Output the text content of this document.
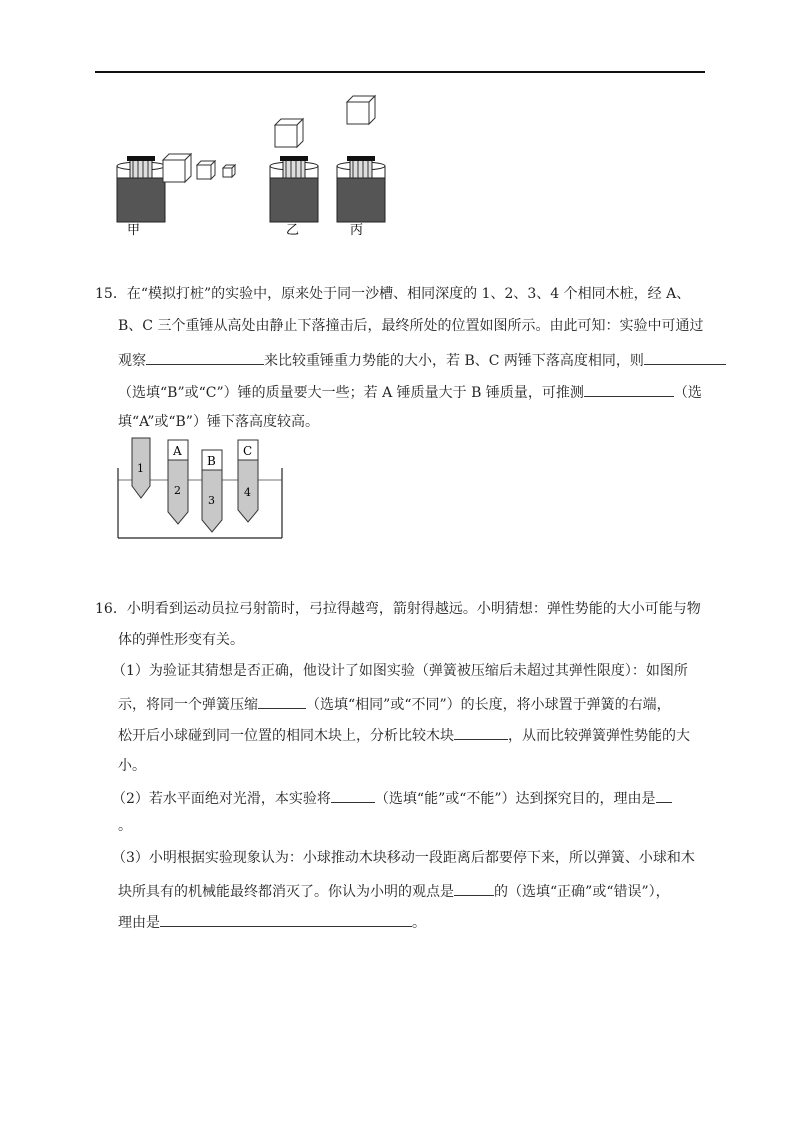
甲	乙	丙
15．在“模拟打桩”的实验中，原来处于同一沙槽、相同深度的 1、2、3、4 个相同木桩，经 A、
B、C 三个重锤从高处由静止下落撞击后，最终所处的位置如图所示。由此可知：实验中可通过
观察	来比较重锤重力势能的大小，若 B、C 两锤下落高度相同，则
（选填“B”或“C”）锤的质量要大一些；若 A 锤质量大于 B 锤质量，可推测	（选
填“A”或“B”）锤下落高度较高。
1
A
2
B
3
C
4
16．小明看到运动员拉弓射箭时，弓拉得越弯，箭射得越远。小明猜想：弹性势能的大小可能与物
体的弹性形变有关。
（1）为验证其猜想是否正确，他设计了如图实验（弹簧被压缩后未超过其弹性限度）：如图所
示，将同一个弹簧压缩	（选填“相同”或“不同”）的长度，将小球置于弹簧的右端，
松开后小球碰到同一位置的相同木块上，分析比较木块	，从而比较弹簧弹性势能的大
小。
（2）若水平面绝对光滑，本实验将	（选填“能”或“不能”）达到探究目的，理由是
。
（3）小明根据实验现象认为：小球推动木块移动一段距离后都要停下来，所以弹簧、小球和木
块所具有的机械能最终都消灭了。你认为小明的观点是	的（选填“正确”或“错误”），
理由是	。
